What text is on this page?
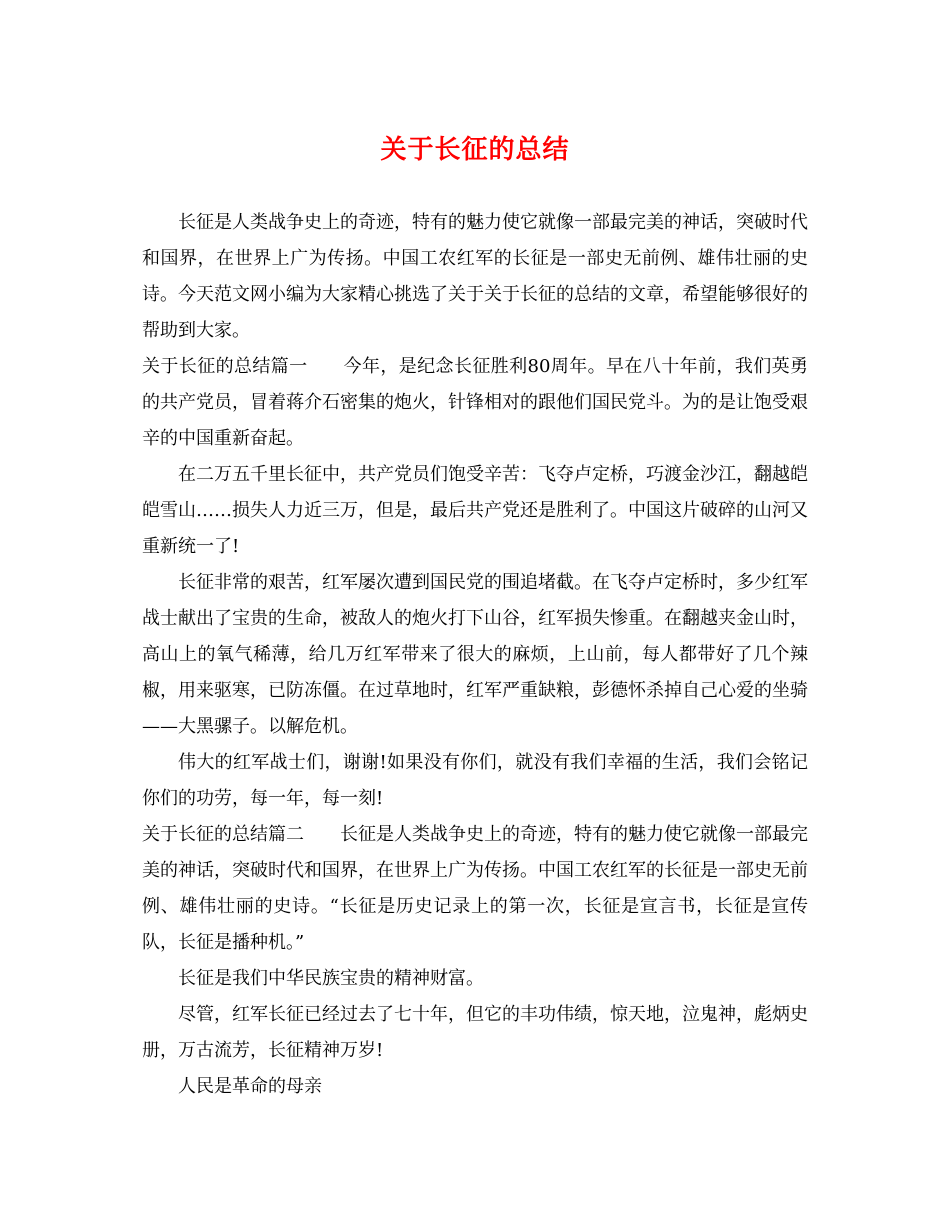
关于长征的总结

长征是人类战争史上的奇迹，特有的魅力使它就像一部最完美的神话，突破时代和国界，在世界上广为传扬。中国工农红军的长征是一部史无前例、雄伟壮丽的史诗。今天范文网小编为大家精心挑选了关于关于长征的总结的文章，希望能够很好的帮助到大家。

关于长征的总结篇一 今年，是纪念长征胜利80周年。早在八十年前，我们英勇的共产党员，冒着蒋介石密集的炮火，针锋相对的跟他们国民党斗。为的是让饱受艰辛的中国重新奋起。

在二万五千里长征中，共产党员们饱受辛苦：飞夺卢定桥，巧渡金沙江，翻越皑皑雪山……损失人力近三万，但是，最后共产党还是胜利了。中国这片破碎的山河又重新统一了!

长征非常的艰苦，红军屡次遭到国民党的围追堵截。在飞夺卢定桥时，多少红军战士献出了宝贵的生命，被敌人的炮火打下山谷，红军损失惨重。在翻越夹金山时，高山上的氧气稀薄，给几万红军带来了很大的麻烦，上山前，每人都带好了几个辣椒，用来驱寒，已防冻僵。在过草地时，红军严重缺粮，彭德怀杀掉自己心爱的坐骑——大黑骡子。以解危机。

伟大的红军战士们，谢谢!如果没有你们，就没有我们幸福的生活，我们会铭记你们的功劳，每一年，每一刻!

关于长征的总结篇二 长征是人类战争史上的奇迹，特有的魅力使它就像一部最完美的神话，突破时代和国界，在世界上广为传扬。中国工农红军的长征是一部史无前例、雄伟壮丽的史诗。“长征是历史记录上的第一次，长征是宣言书，长征是宣传队，长征是播种机。”

长征是我们中华民族宝贵的精神财富。

尽管，红军长征已经过去了七十年，但它的丰功伟绩，惊天地，泣鬼神，彪炳史册，万古流芳，长征精神万岁!

人民是革命的母亲
